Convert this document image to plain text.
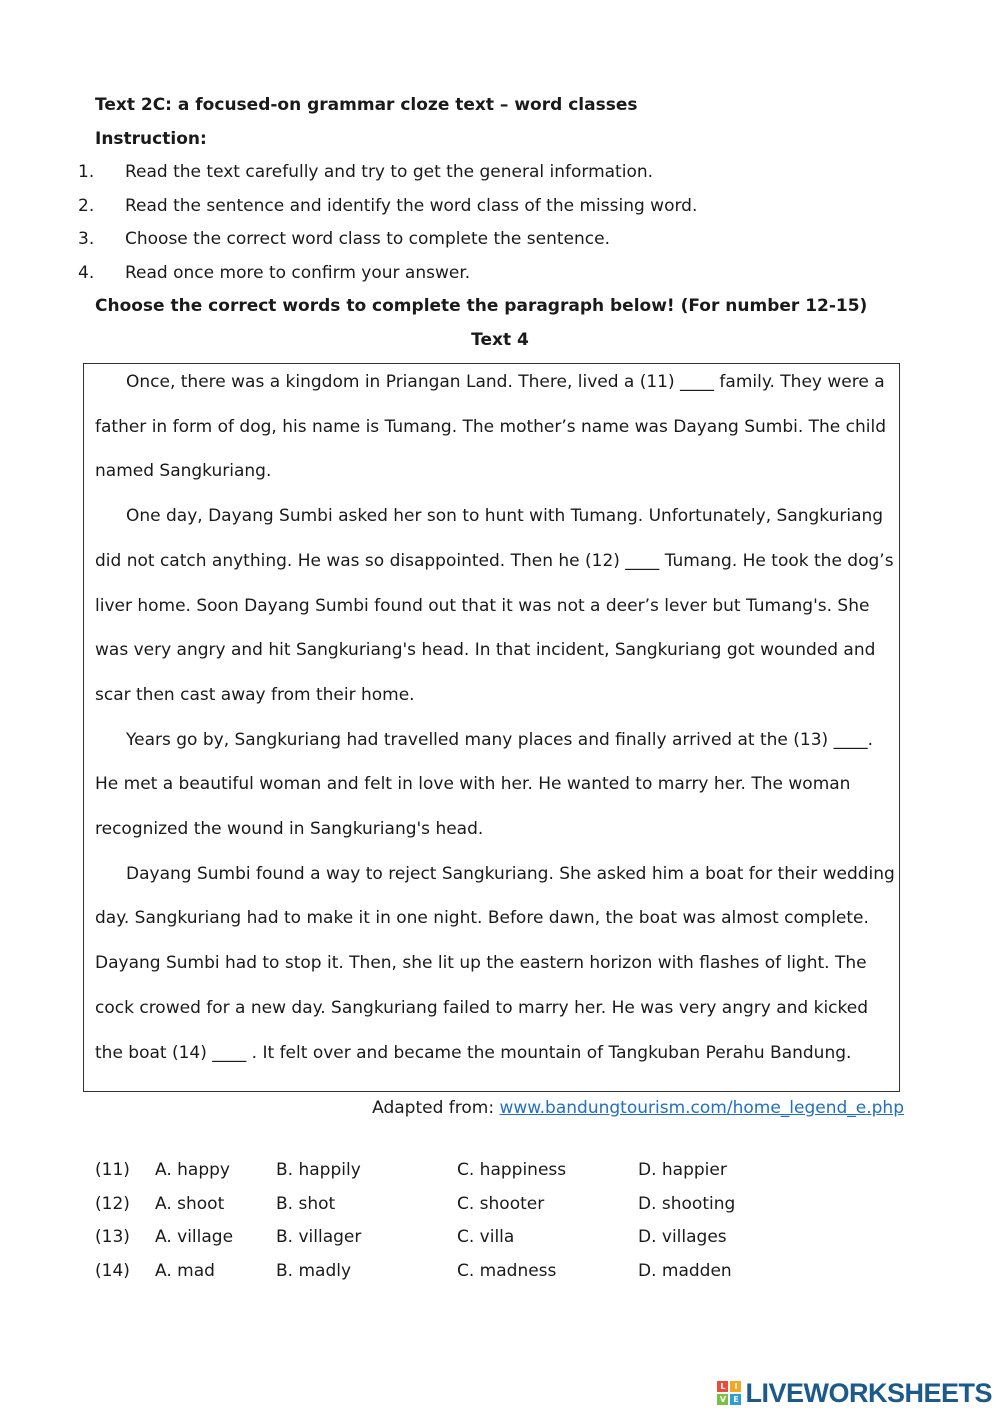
Text 2C: a focused-on grammar cloze text – word classes
Instruction:
1.	Read the text carefully and try to get the general information.
2.	Read the sentence and identify the word class of the missing word.
3.	Choose the correct word class to complete the sentence.
4.	Read once more to confirm your answer.
Choose the correct words to complete the paragraph below! (For number 12-15)
Text 4

Once, there was a kingdom in Priangan Land. There, lived a (11) ____ family. They were a father in form of dog, his name is Tumang. The mother’s name was Dayang Sumbi. The child named Sangkuriang.

One day, Dayang Sumbi asked her son to hunt with Tumang. Unfortunately, Sangkuriang did not catch anything. He was so disappointed. Then he (12) ____ Tumang. He took the dog’s liver home. Soon Dayang Sumbi found out that it was not a deer’s lever but Tumang's. She was very angry and hit Sangkuriang's head. In that incident, Sangkuriang got wounded and scar then cast away from their home.

Years go by, Sangkuriang had travelled many places and finally arrived at the (13) ____. He met a beautiful woman and felt in love with her. He wanted to marry her. The woman recognized the wound in Sangkuriang's head.

Dayang Sumbi found a way to reject Sangkuriang. She asked him a boat for their wedding day. Sangkuriang had to make it in one night. Before dawn, the boat was almost complete. Dayang Sumbi had to stop it. Then, she lit up the eastern horizon with flashes of light. The cock crowed for a new day. Sangkuriang failed to marry her. He was very angry and kicked the boat (14) ____ . It felt over and became the mountain of Tangkuban Perahu Bandung.

Adapted from: www.bandungtourism.com/home_legend_e.php
(11) A. happy	B. happily	C. happiness	D. happier
(12) A. shoot	B. shot	C. shooter	D. shooting
(13) A. village	B. villager	C. villa	D. villages
(14) A. mad	B. madly	C. madness	D. madden
L	I
V E LIVEWORKSHEETS
